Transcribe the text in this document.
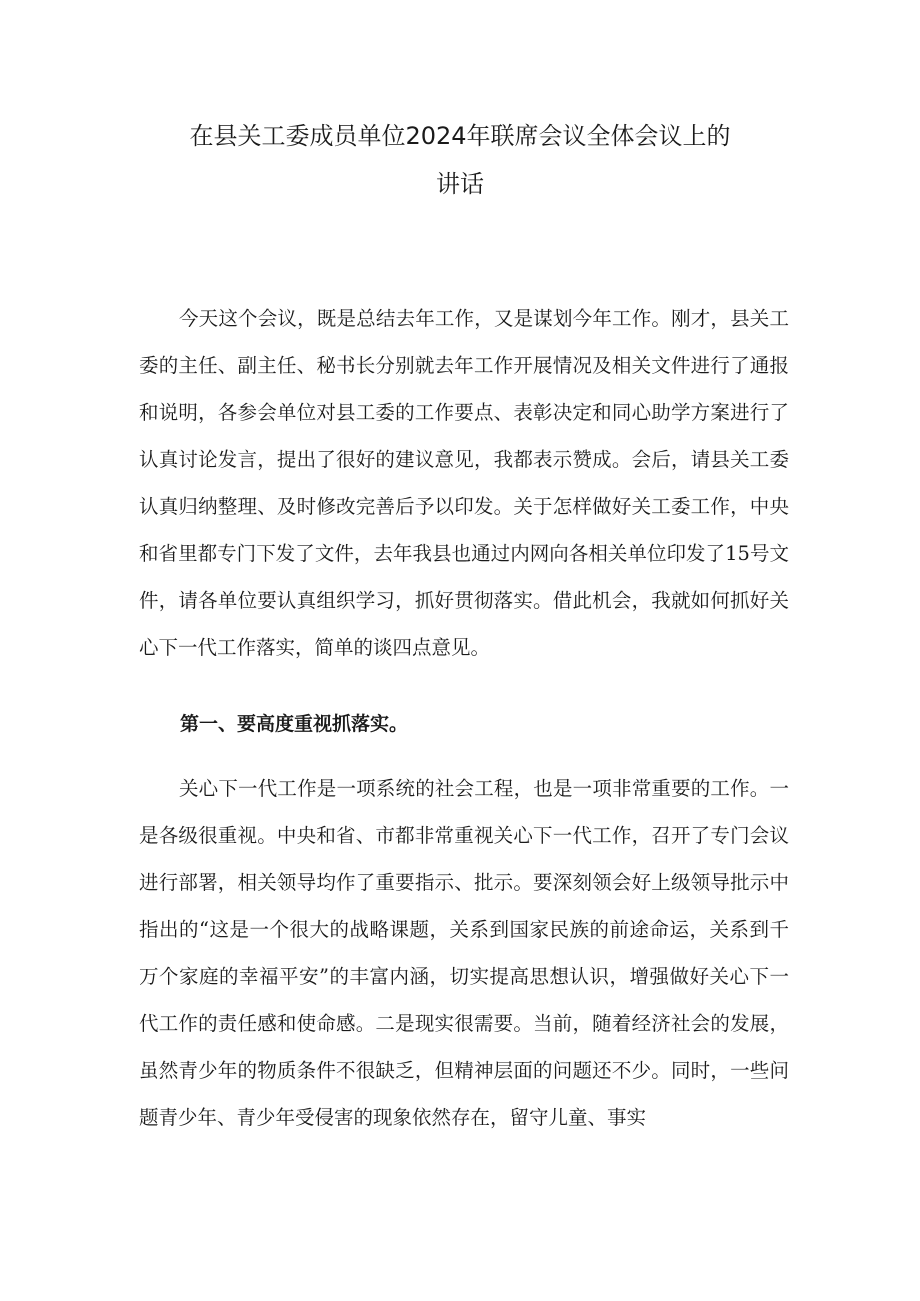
在县关工委成员单位2024年联席会议全体会议上的
讲话

今天这个会议，既是总结去年工作，又是谋划今年工作。刚才，县关工委的主任、副主任、秘书长分别就去年工作开展情况及相关文件进行了通报和说明，各参会单位对县工委的工作要点、表彰决定和同心助学方案进行了认真讨论发言，提出了很好的建议意见，我都表示赞成。会后，请县关工委认真归纳整理、及时修改完善后予以印发。关于怎样做好关工委工作，中央和省里都专门下发了文件，去年我县也通过内网向各相关单位印发了15号文件，请各单位要认真组织学习，抓好贯彻落实。借此机会，我就如何抓好关心下一代工作落实，简单的谈四点意见。

第一、要高度重视抓落实。

关心下一代工作是一项系统的社会工程，也是一项非常重要的工作。一是各级很重视。中央和省、市都非常重视关心下一代工作，召开了专门会议进行部署，相关领导均作了重要指示、批示。要深刻领会好上级领导批示中指出的“这是一个很大的战略课题，关系到国家民族的前途命运，关系到千万个家庭的幸福平安”的丰富内涵，切实提高思想认识，增强做好关心下一代工作的责任感和使命感。二是现实很需要。当前，随着经济社会的发展，虽然青少年的物质条件不很缺乏，但精神层面的问题还不少。同时，一些问题青少年、青少年受侵害的现象依然存在，留守儿童、事实
